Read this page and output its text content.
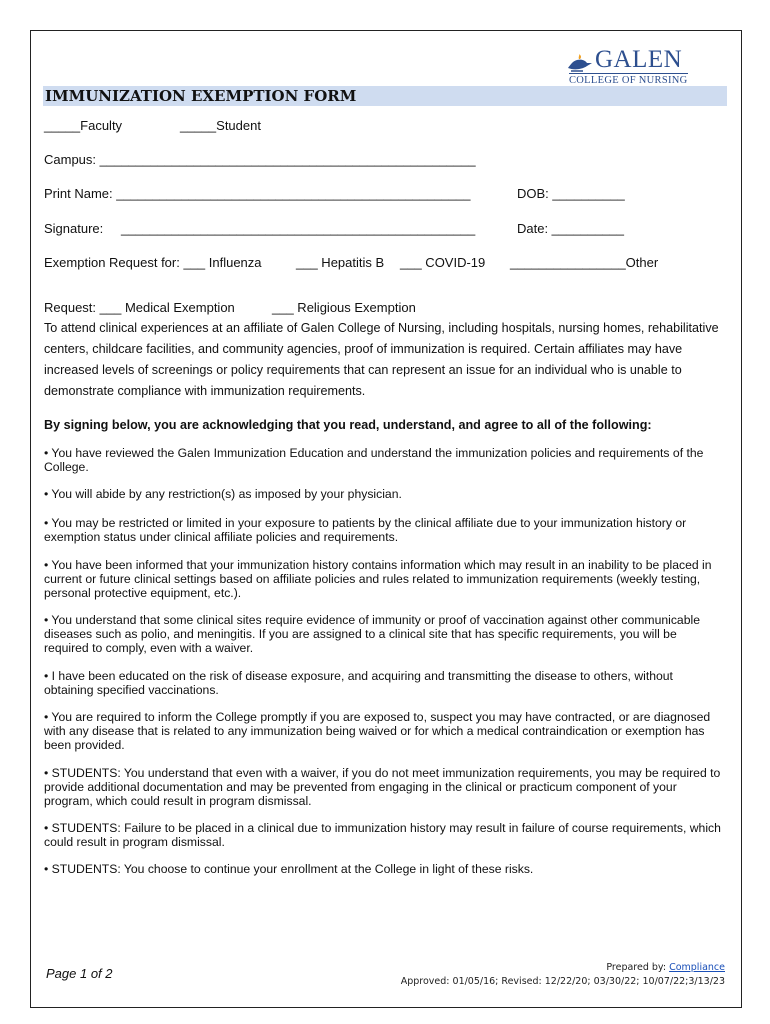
GALEN
COLLEGE OF NURSING
IMMUNIZATION EXEMPTION FORM
_____Faculty	_____Student
Campus: ____________________________________________________
Print Name: _________________________________________________	DOB: __________
Signature: _________________________________________________	Date: __________
Exemption Request for: ___ Influenza	___ Hepatitis B ___ COVID-19 ________________Other
Request: ___ Medical Exemption	___ Religious Exemption
To attend clinical experiences at an affiliate of Galen College of Nursing, including hospitals, nursing homes, rehabilitative centers, childcare facilities, and community agencies, proof of immunization is required. Certain affiliates may have increased levels of screenings or policy requirements that can represent an issue for an individual who is unable to demonstrate compliance with immunization requirements.
By signing below, you are acknowledging that you read, understand, and agree to all of the following:
• You have reviewed the Galen Immunization Education and understand the immunization policies and requirements of the College.
• You will abide by any restriction(s) as imposed by your physician.
• You may be restricted or limited in your exposure to patients by the clinical affiliate due to your immunization history or exemption status under clinical affiliate policies and requirements.
• You have been informed that your immunization history contains information which may result in an inability to be placed in current or future clinical settings based on affiliate policies and rules related to immunization requirements (weekly testing, personal protective equipment, etc.).
• You understand that some clinical sites require evidence of immunity or proof of vaccination against other communicable diseases such as polio, and meningitis. If you are assigned to a clinical site that has specific requirements, you will be required to comply, even with a waiver.
• I have been educated on the risk of disease exposure, and acquiring and transmitting the disease to others, without obtaining specified vaccinations.
• You are required to inform the College promptly if you are exposed to, suspect you may have contracted, or are diagnosed with any disease that is related to any immunization being waived or for which a medical contraindication or exemption has been provided.
• STUDENTS: You understand that even with a waiver, if you do not meet immunization requirements, you may be required to provide additional documentation and may be prevented from engaging in the clinical or practicum component of your program, which could result in program dismissal.
• STUDENTS: Failure to be placed in a clinical due to immunization history may result in failure of course requirements, which could result in program dismissal.
• STUDENTS: You choose to continue your enrollment at the College in light of these risks.
Page 1 of 2	Prepared by: Compliance
Approved: 01/05/16; Revised: 12/22/20; 03/30/22; 10/07/22;3/13/23
